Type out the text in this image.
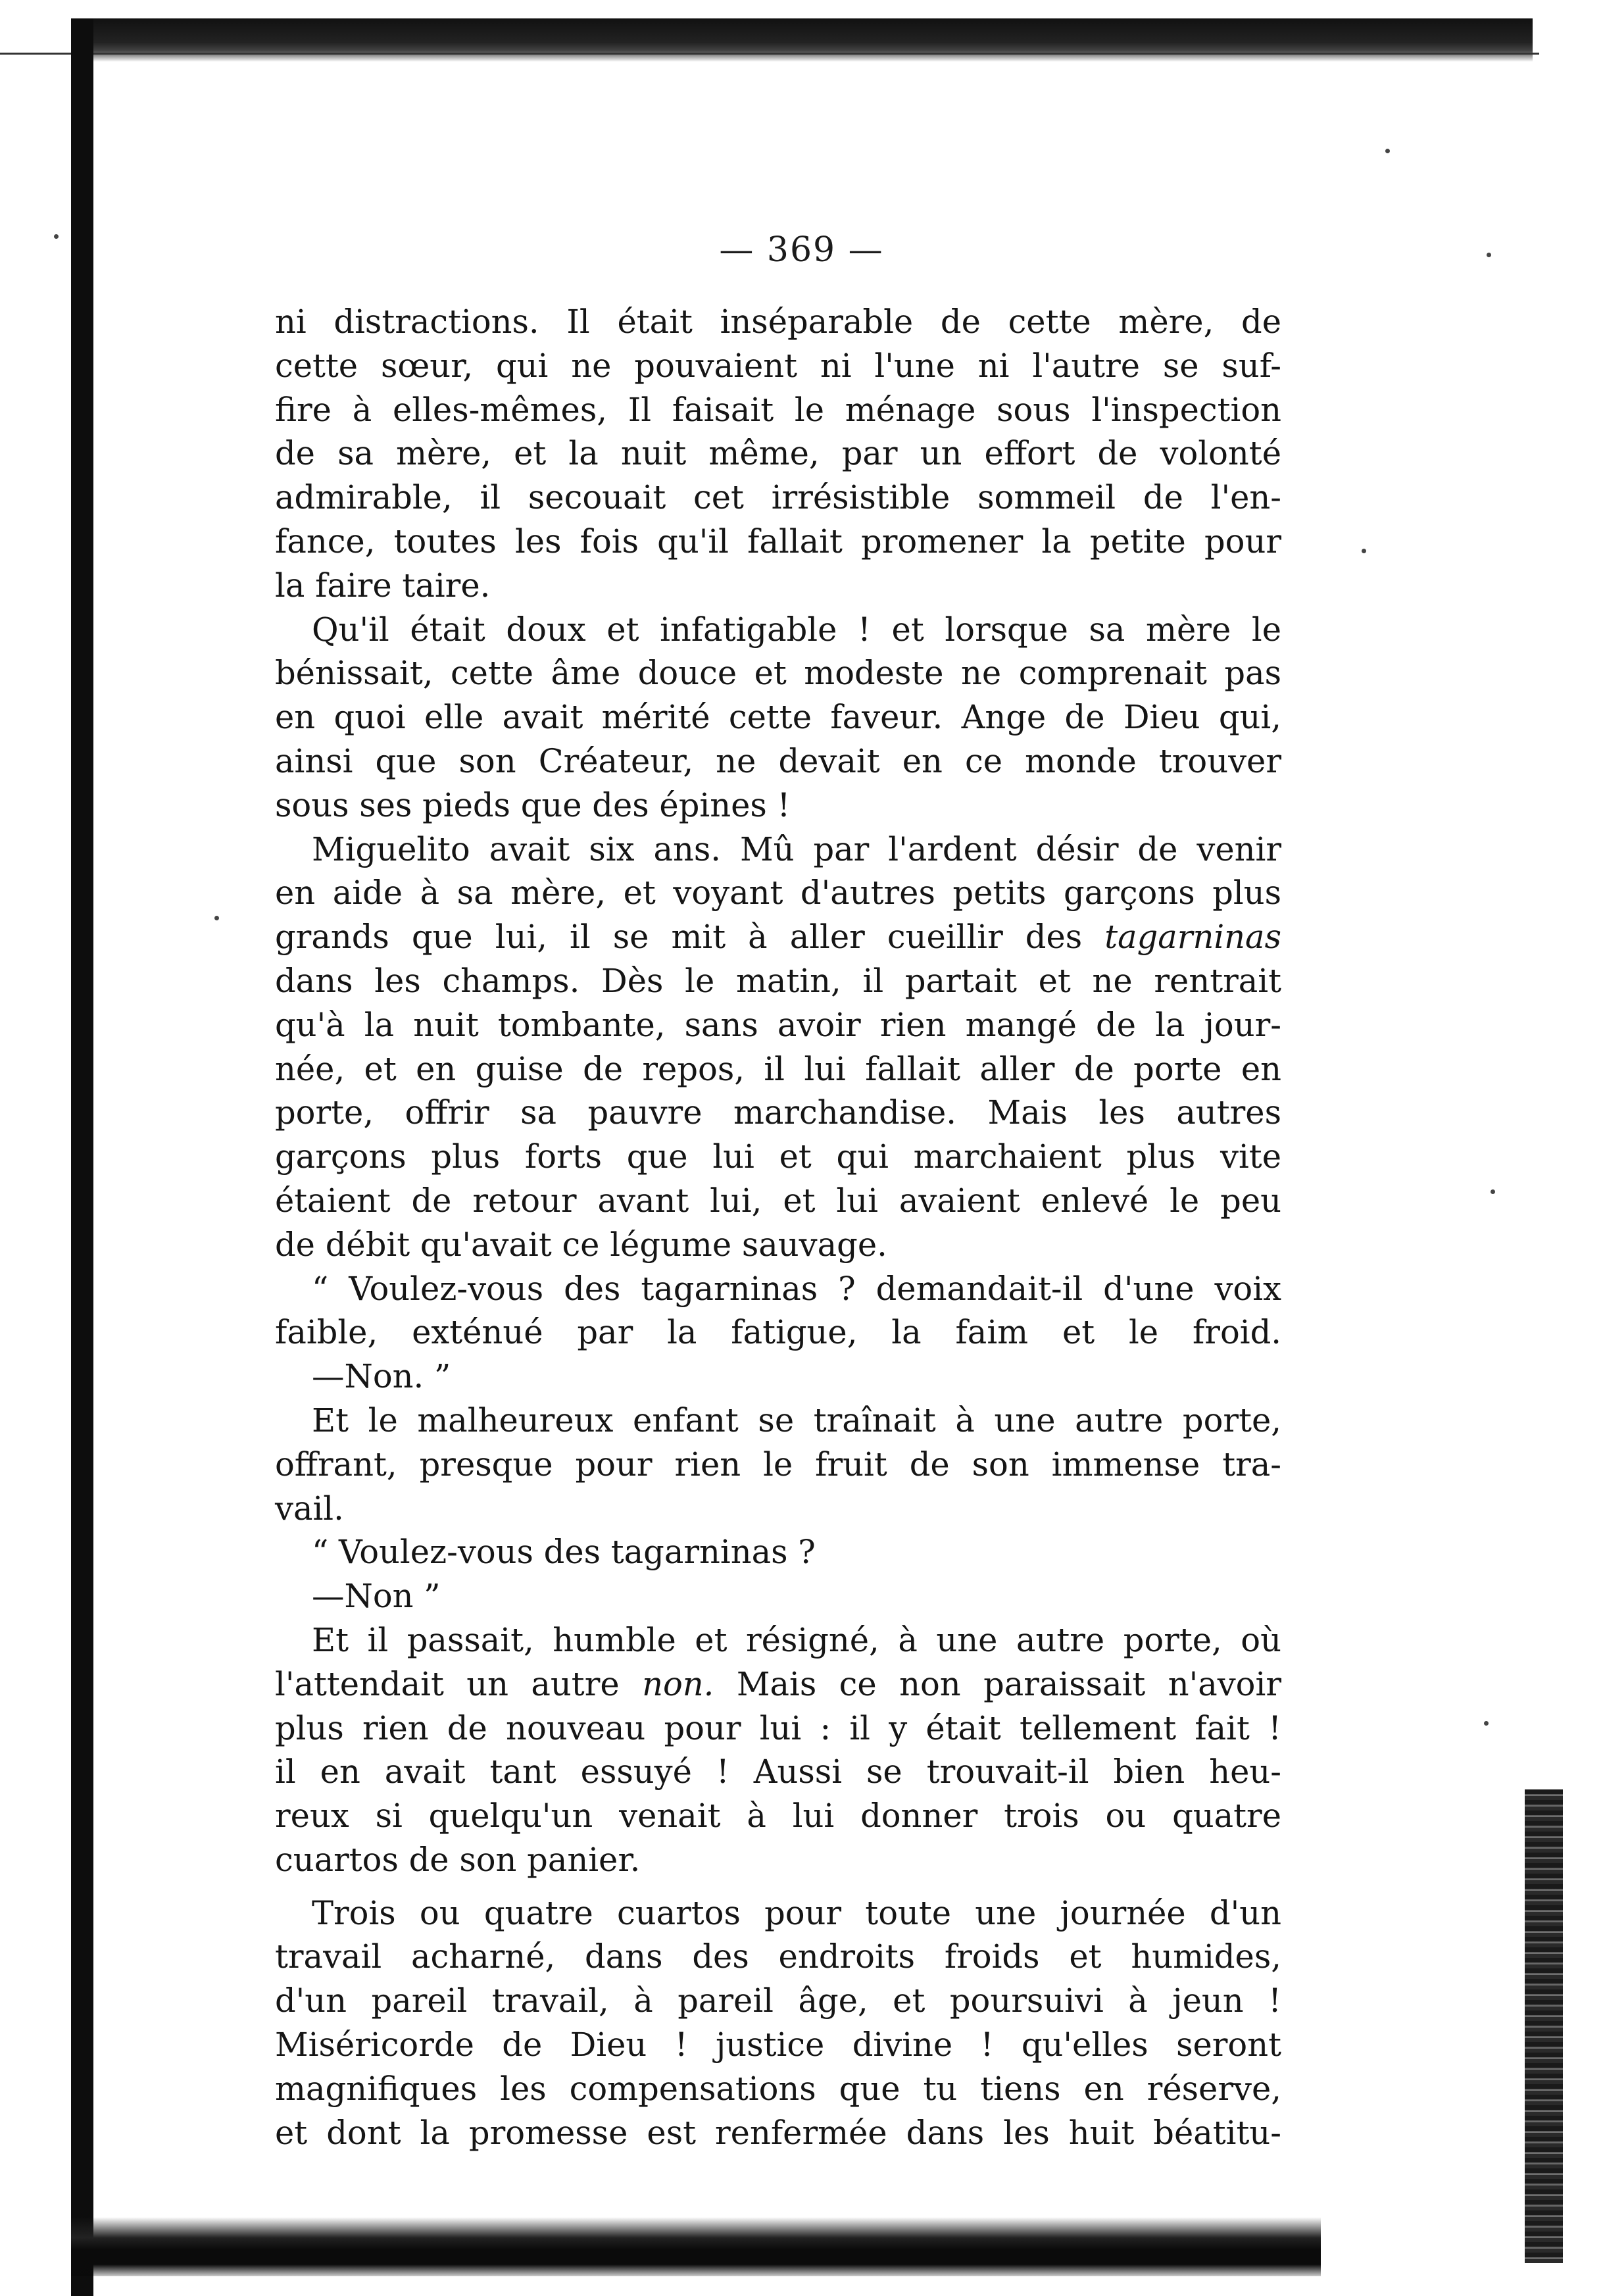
— 369 —
ni distractions. Il était inséparable de cette mère, de
cette sœur, qui ne pouvaient ni l'une ni l'autre se suf-
fire à elles-mêmes, Il faisait le ménage sous l'inspection
de sa mère, et la nuit même, par un effort de volonté
admirable, il secouait cet irrésistible sommeil de l'en-
fance, toutes les fois qu'il fallait promener la petite pour
la faire taire.
Qu'il était doux et infatigable ! et lorsque sa mère le
bénissait, cette âme douce et modeste ne comprenait pas
en quoi elle avait mérité cette faveur. Ange de Dieu qui,
ainsi que son Créateur, ne devait en ce monde trouver
sous ses pieds que des épines !
Miguelito avait six ans. Mû par l'ardent désir de venir
en aide à sa mère, et voyant d'autres petits garçons plus
grands que lui, il se mit à aller cueillir des tagarninas
dans les champs. Dès le matin, il partait et ne rentrait
qu'à la nuit tombante, sans avoir rien mangé de la jour-
née, et en guise de repos, il lui fallait aller de porte en
porte, offrir sa pauvre marchandise. Mais les autres
garçons plus forts que lui et qui marchaient plus vite
étaient de retour avant lui, et lui avaient enlevé le peu
de débit qu'avait ce légume sauvage.
“ Voulez-vous des tagarninas ? demandait-il d'une voix
faible, exténué par la fatigue, la faim et le froid.
—Non. ”
Et le malheureux enfant se traînait à une autre porte,
offrant, presque pour rien le fruit de son immense tra-
vail.
“ Voulez-vous des tagarninas ?
—Non ”
Et il passait, humble et résigné, à une autre porte, où
l'attendait un autre non. Mais ce non paraissait n'avoir
plus rien de nouveau pour lui : il y était tellement fait !
il en avait tant essuyé ! Aussi se trouvait-il bien heu-
reux si quelqu'un venait à lui donner trois ou quatre
cuartos de son panier.
Trois ou quatre cuartos pour toute une journée d'un
travail acharné, dans des endroits froids et humides,
d'un pareil travail, à pareil âge, et poursuivi à jeun !
Miséricorde de Dieu ! justice divine ! qu'elles seront
magnifiques les compensations que tu tiens en réserve,
et dont la promesse est renfermée dans les huit béatitu-
